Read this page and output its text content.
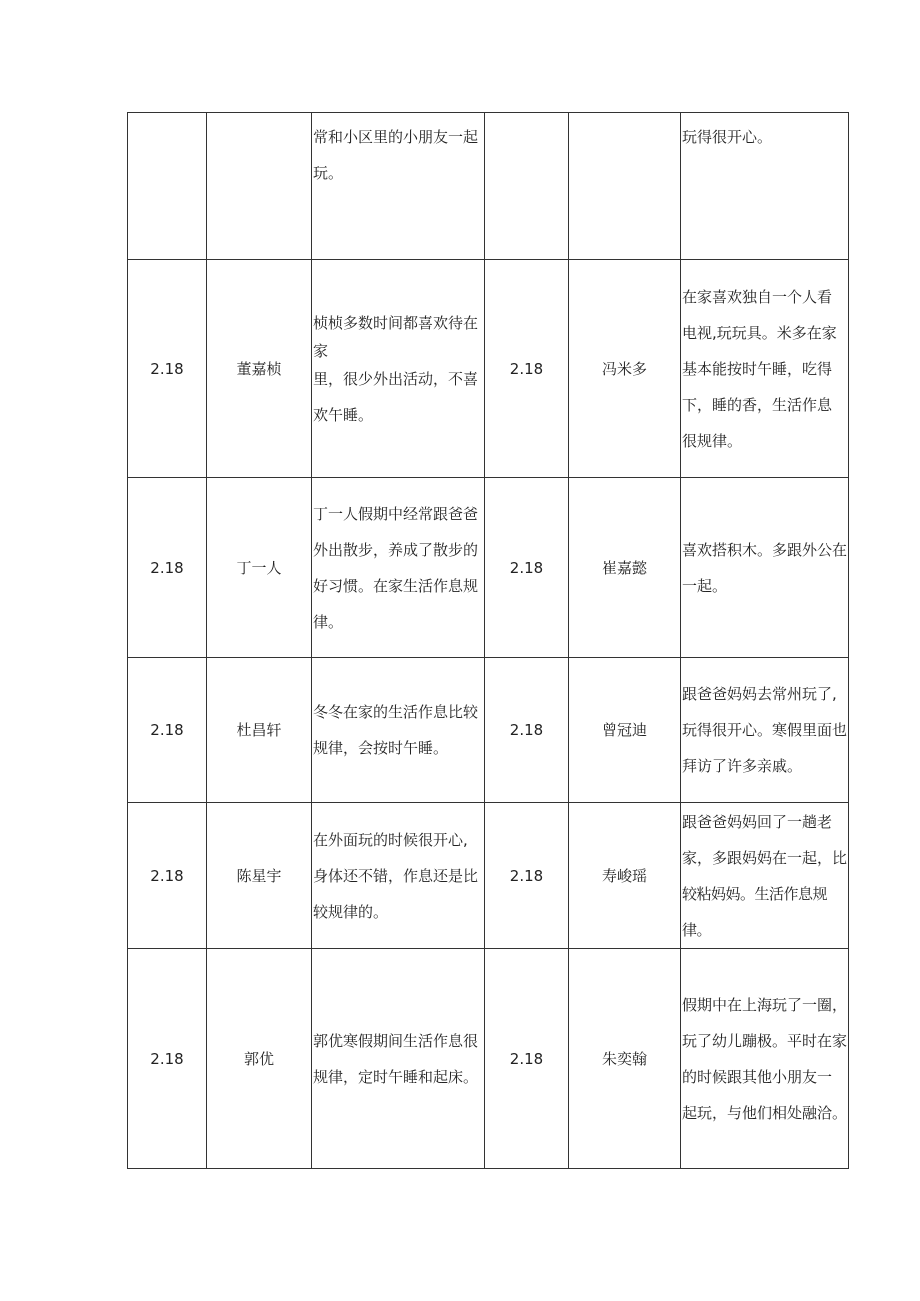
		常和小区里的小朋友一起
玩。			玩得很开心。

2.18	董嘉桢	桢桢多数时间都喜欢待在
家
里，很少外出活动，不喜
欢午睡。	2.18	冯米多	在家喜欢独自一个人看
电视,玩玩具。米多在家
基本能按时午睡，吃得
下，睡的香，生活作息
很规律。

2.18	丁一人	丁一人假期中经常跟爸爸
外出散步，养成了散步的
好习惯。在家生活作息规
律。	2.18	崔嘉懿	喜欢搭积木。多跟外公在
一起。

2.18	杜昌轩	冬冬在家的生活作息比较
规律，会按时午睡。	2.18	曾冠迪	跟爸爸妈妈去常州玩了,
玩得很开心。寒假里面也
拜访了许多亲戚。

2.18	陈星宇	在外面玩的时候很开心,
身体还不错，作息还是比
较规律的。	2.18	寿峻瑶	跟爸爸妈妈回了一趟老
家，多跟妈妈在一起，比
较粘妈妈。生活作息规律。

2.18	郭优	郭优寒假期间生活作息很
规律，定时午睡和起床。	2.18	朱奕翰	假期中在上海玩了一圈，
玩了幼儿蹦极。平时在家
的时候跟其他小朋友一
起玩，与他们相处融洽。
